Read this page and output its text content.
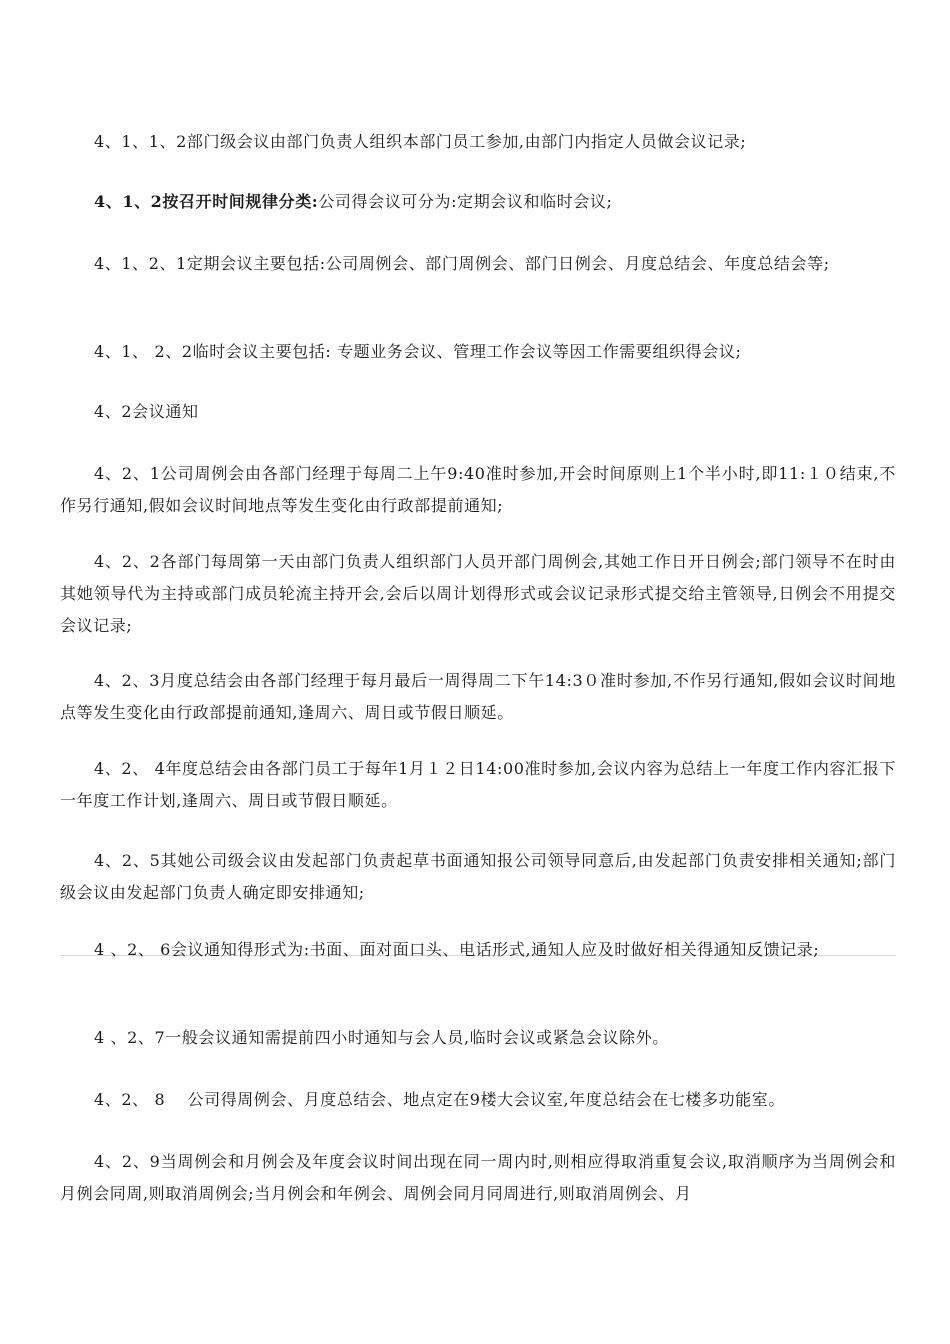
4、1、1、2部门级会议由部门负责人组织本部门员工参加,由部门内指定人员做会议记录;

4、1、2按召开时间规律分类:公司得会议可分为:定期会议和临时会议;

4、1、2、1定期会议主要包括:公司周例会、部门周例会、部门日例会、月度总结会、年度总结会等;

4、1、 2、2临时会议主要包括: 专题业务会议、管理工作会议等因工作需要组织得会议;

4、2会议通知

4、2、1公司周例会由各部门经理于每周二上午9:40准时参加,开会时间原则上1个半小时,即11:１０结束,不作另行通知,假如会议时间地点等发生变化由行政部提前通知;

4、2、2各部门每周第一天由部门负责人组织部门人员开部门周例会,其她工作日开日例会;部门领导不在时由其她领导代为主持或部门成员轮流主持开会,会后以周计划得形式或会议记录形式提交给主管领导,日例会不用提交会议记录;

4、2、3月度总结会由各部门经理于每月最后一周得周二下午14:3０准时参加,不作另行通知,假如会议时间地点等发生变化由行政部提前通知,逢周六、周日或节假日顺延。

4、2、 4年度总结会由各部门员工于每年1月１２日14:00准时参加,会议内容为总结上一年度工作内容汇报下一年度工作计划,逢周六、周日或节假日顺延。

4、2、5其她公司级会议由发起部门负责起草书面通知报公司领导同意后,由发起部门负责安排相关通知;部门级会议由发起部门负责人确定即安排通知;

4 、2、 6会议通知得形式为:书面、面对面口头、电话形式,通知人应及时做好相关得通知反馈记录;

4 、2、7一般会议通知需提前四小时通知与会人员,临时会议或紧急会议除外。

4、2、 8　 公司得周例会、月度总结会、地点定在9楼大会议室,年度总结会在七楼多功能室。

4、2、9当周例会和月例会及年度会议时间出现在同一周内时,则相应得取消重复会议,取消顺序为当周例会和月例会同周,则取消周例会;当月例会和年例会、周例会同月同周进行,则取消周例会、月
